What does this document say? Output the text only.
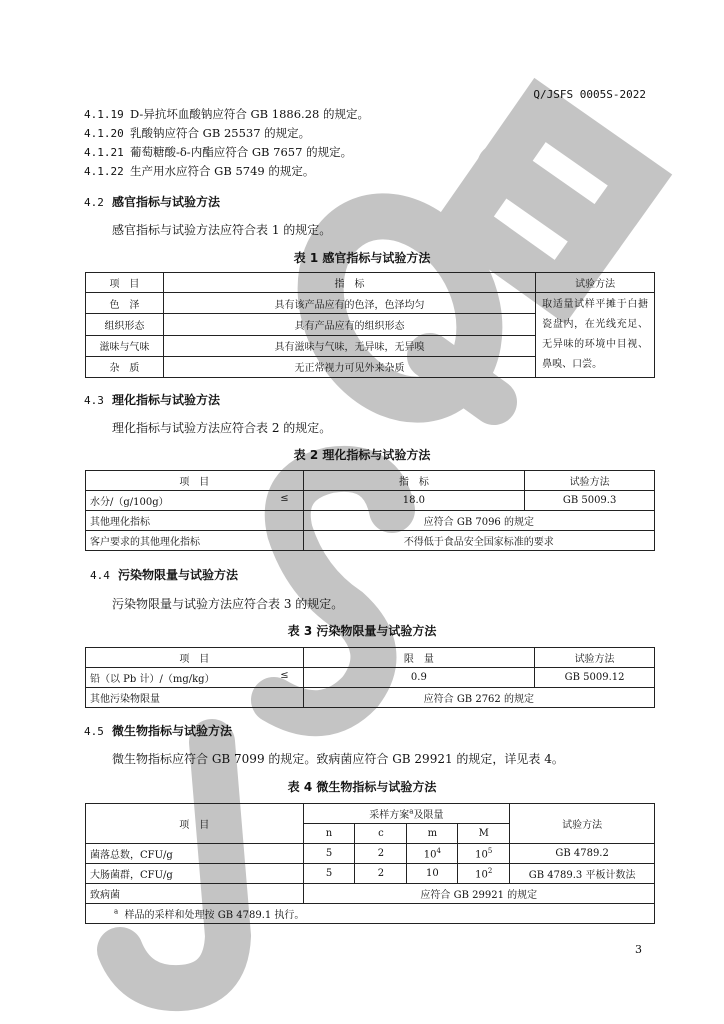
Q/JSFS 0005S-2022
4.1.19 D-异抗坏血酸钠应符合 GB 1886.28 的规定。
4.1.20 乳酸钠应符合 GB 25537 的规定。
4.1.21 葡萄糖酸-δ-内酯应符合 GB 7657 的规定。
4.1.22 生产用水应符合 GB 5749 的规定。
4.2 感官指标与试验方法
感官指标与试验方法应符合表 1 的规定。
表 1 感官指标与试验方法
项　目	指　标	试验方法
色　泽	具有该产品应有的色泽，色泽均匀	取适量试样平摊于白搪瓷盘内，在光线充足、无异味的环境中目视、鼻嗅、口尝。
组织形态	具有产品应有的组织形态	
滋味与气味	具有滋味与气味，无异味，无异嗅	
杂　质	无正常视力可见外来杂质	
4.3 理化指标与试验方法
理化指标与试验方法应符合表 2 的规定。
表 2 理化指标与试验方法
项　目	指　标	试验方法
水分/（g/100g） ≤	18.0	GB 5009.3
其他理化指标	应符合 GB 7096 的规定	
客户要求的其他理化指标	不得低于食品安全国家标准的要求	
4.4 污染物限量与试验方法
污染物限量与试验方法应符合表 3 的规定。
表 3 污染物限量与试验方法
项　目	限　量	试验方法
铅（以 Pb 计）/（mg/kg） ≤	0.9	GB 5009.12
其他污染物限量	应符合 GB 2762 的规定	
4.5 微生物指标与试验方法
微生物指标应符合 GB 7099 的规定。致病菌应符合 GB 29921 的规定，详见表 4。
表 4 微生物指标与试验方法
项　目	采样方案$^a$及限量				试验方法
	n	c	m	M	
菌落总数，CFU/g	5	2	$10^4$	$10^5$	GB 4789.2
大肠菌群，CFU/g	5	2	10	$10^2$	GB 4789.3 平板计数法
致病菌	应符合 GB 29921 的规定				
$^a$ 样品的采样和处理按 GB 4789.1 执行。					
3
